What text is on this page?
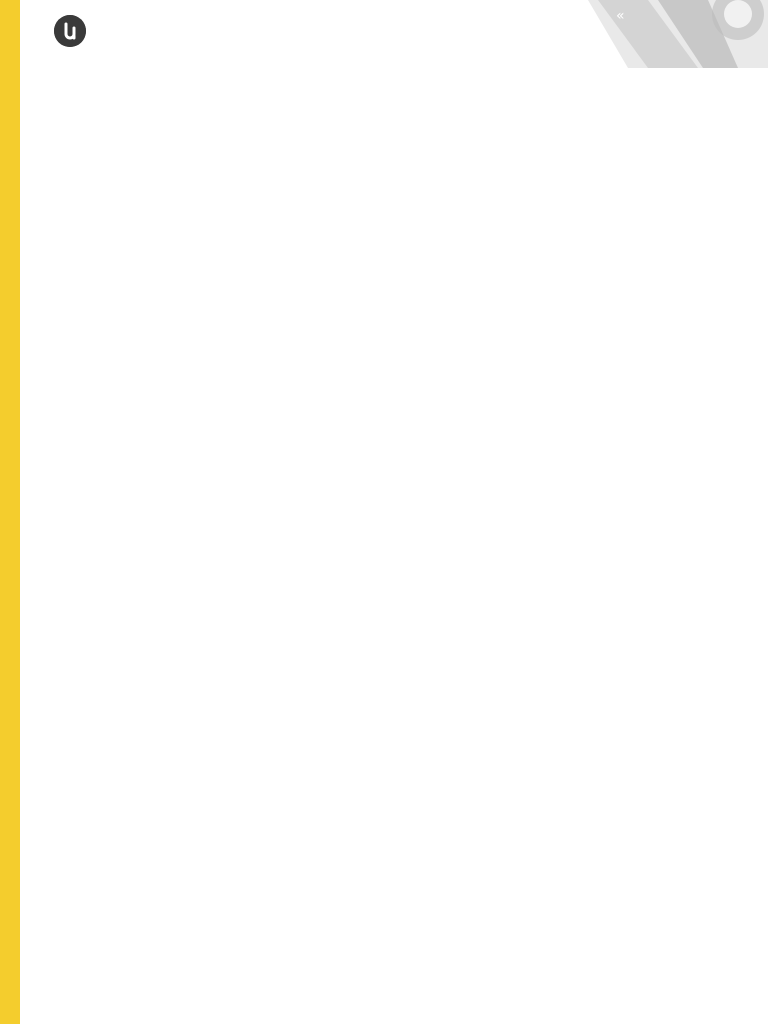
«
